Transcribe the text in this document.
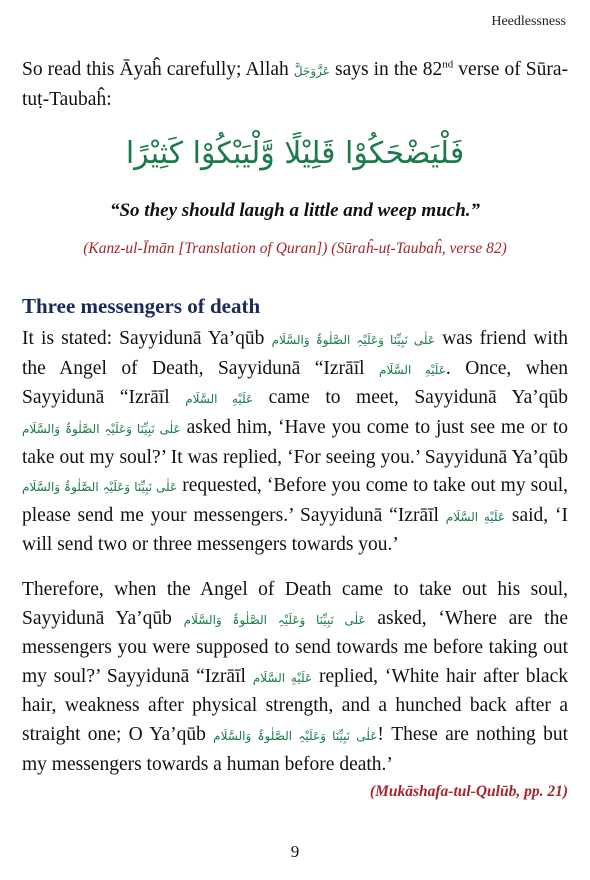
Heedlessness

So read this Āyaĥ carefully; Allah عَزَّوَجَلَّ says in the 82nd verse of Sūra-tuṭ-Taubaĥ:

فَلْيَضْحَكُوْا قَلِيْلًا وَّلْيَبْكُوْا كَثِيْرًا

“So they should laugh a little and weep much.”

(Kanz-ul-Īmān [Translation of Quran]) (Sūraĥ-uṭ-Taubaĥ, verse 82)

Three messengers of death

It is stated: Sayyidunā Ya’qūb عَلٰی نَبِیِّنَا وَعَلَیْہِ الصَّلٰوۃُ وَالسَّلَام was friend with the Angel of Death, Sayyidunā “Izrāīl عَلَيْهِ السَّلَام. Once, when Sayyidunā “Izrāīl عَلَيْهِ السَّلَام came to meet, Sayyidunā Ya’qūb عَلٰی نَبِیِّنَا وَعَلَیْہِ الصَّلٰوۃُ وَالسَّلَام asked him, ‘Have you come to just see me or to take out my soul?’ It was replied, ‘For seeing you.’ Sayyidunā Ya’qūb عَلٰی نَبِیِّنَا وَعَلَیْہِ الصَّلٰوۃُ وَالسَّلَام requested, ‘Before you come to take out my soul, please send me your messengers.’ Sayyidunā “Izrāīl عَلَيْهِ السَّلَام said, ‘I will send two or three messengers towards you.’

Therefore, when the Angel of Death came to take out his soul, Sayyidunā Ya’qūb عَلٰی نَبِیِّنَا وَعَلَیْہِ الصَّلٰوۃُ وَالسَّلَام asked, ‘Where are the messengers you were supposed to send towards me before taking out my soul?’ Sayyidunā “Izrāīl عَلَيْهِ السَّلَام replied, ‘White hair after black hair, weakness after physical strength, and a hunched back after a straight one; O Ya’qūb عَلٰی نَبِیِّنَا وَعَلَیْہِ الصَّلٰوۃُ وَالسَّلَام! These are nothing but my messengers towards a human before death.’

(Mukāshafa-tul-Qulūb, pp. 21)

9
